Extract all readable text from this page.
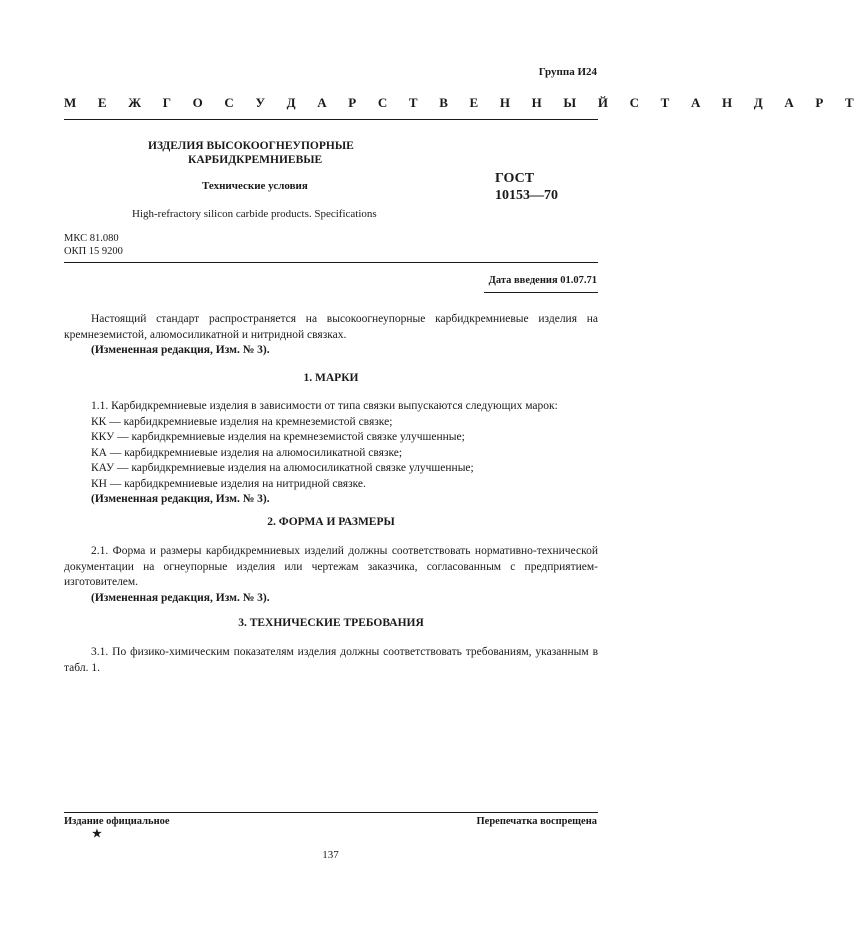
Группа И24
М Е Ж Г О С У Д А Р С Т В Е Н Н Ы Й С Т А Н Д А Р Т
ИЗДЕЛИЯ ВЫСОКООГНЕУПОРНЫЕ
КАРБИДКРЕМНИЕВЫЕ
Технические условия	ГОСТ
10153—70
High-refractory silicon carbide products. Specifications
МКС 81.080
ОКП 15 9200
Дата введения 01.07.71

Настоящий стандарт распространяется на высокоогнеупорные карбидкремниевые изделия на кремнеземистой, алюмосиликатной и нитридной связках.

(Измененная редакция, Изм. № 3).

1. МАРКИ

1.1. Карбидкремниевые изделия в зависимости от типа связки выпускаются следующих марок:

КК — карбидкремниевые изделия на кремнеземистой связке;

ККУ — карбидкремниевые изделия на кремнеземистой связке улучшенные;

КА — карбидкремниевые изделия на алюмосиликатной связке;

КАУ — карбидкремниевые изделия на алюмосиликатной связке улучшенные;

КН — карбидкремниевые изделия на нитридной связке.

(Измененная редакция, Изм. № 3).

2. ФОРМА И РАЗМЕРЫ

2.1. Форма и размеры карбидкремниевых изделий должны соответствовать нормативно-технической документации на огнеупорные изделия или чертежам заказчика, согласованным с предприятием-изготовителем.

(Измененная редакция, Изм. № 3).

3. ТЕХНИЧЕСКИЕ ТРЕБОВАНИЯ

3.1. По физико-химическим показателям изделия должны соответствовать требованиям, указанным в табл. 1.

Издание официальное
★
Перепечатка воспрещена
137
